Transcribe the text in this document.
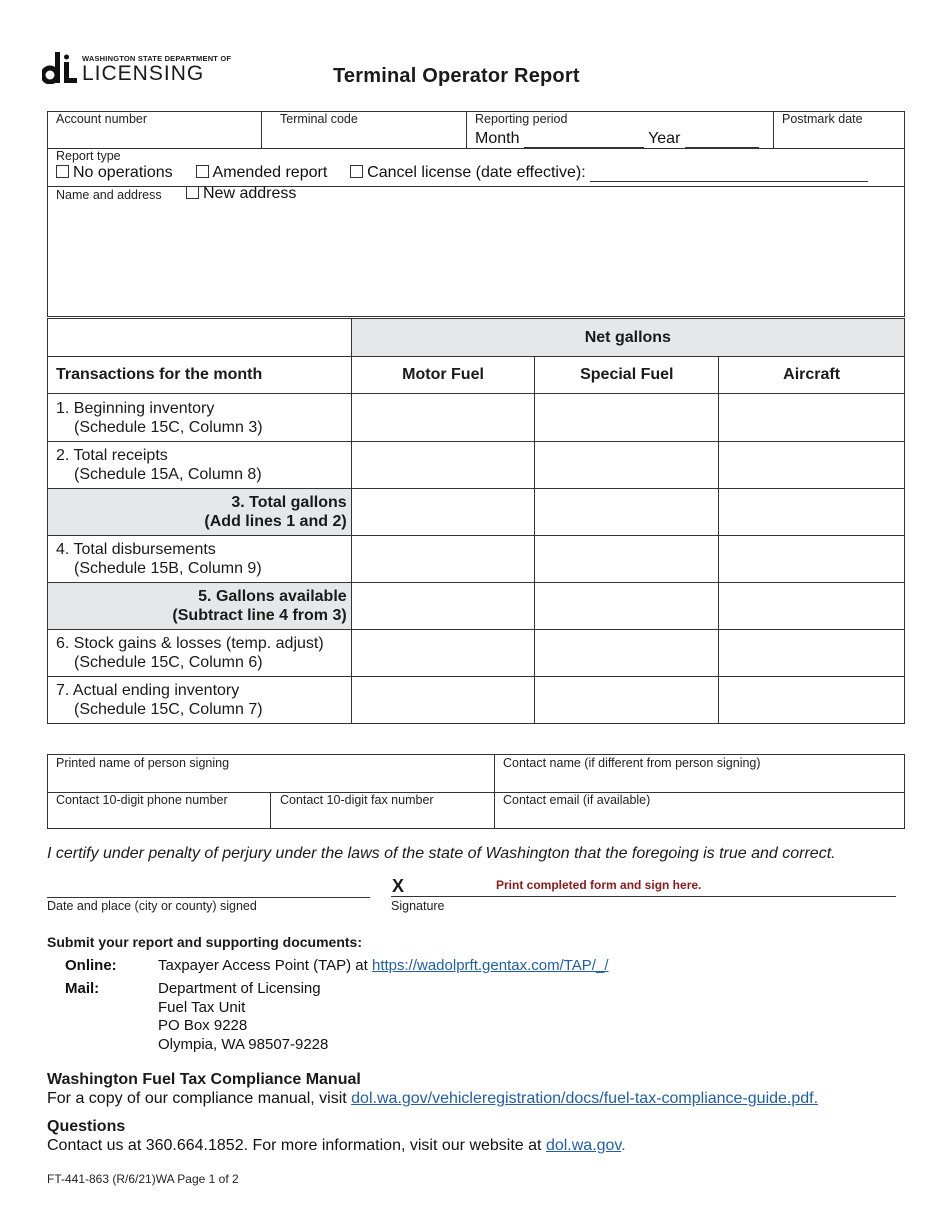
WASHINGTON STATE DEPARTMENT OF
LICENSING	Terminal Operator Report
Account number	Terminal code	Reporting period
Month	Year
Postmark date
Report type
No operations Amended report Cancel license (date effective):
Name and address	New address
	Net gallons		
Transactions for the month	Motor Fuel	Special Fuel	Aircraft
1. Beginning inventory
(Schedule 15C, Column 3)			

2. Total receipts
(Schedule 15A, Column 8)			

3. Total gallons
(Add lines 1 and 2)			
4. Total disbursements
(Schedule 15B, Column 9)			

5. Gallons available
(Subtract line 4 from 3)			
6. Stock gains & losses (temp. adjust)
(Schedule 15C, Column 6)			

7. Actual ending inventory
(Schedule 15C, Column 7)			

Printed name of person signing	Contact name (if different from person signing)
Contact 10-digit phone number	Contact 10-digit fax number	Contact email (if available)
I certify under penalty of perjury under the laws of the state of Washington that the foregoing is true and correct.
Date and place (city or county) signed
X	Print completed form and sign here.
Signature
Submit your report and supporting documents:
Online:	Taxpayer Access Point (TAP) at https://wadolprft.gentax.com/TAP/_/
Mail:	Department of Licensing
Fuel Tax Unit
PO Box 9228
Olympia, WA 98507-9228
Washington Fuel Tax Compliance Manual
For a copy of our compliance manual, visit dol.wa.gov/vehicleregistration/docs/fuel-tax-compliance-guide.pdf.
Questions
Contact us at 360.664.1852. For more information, visit our website at dol.wa.gov.
FT-441-863 (R/6/21)WA Page 1 of 2
